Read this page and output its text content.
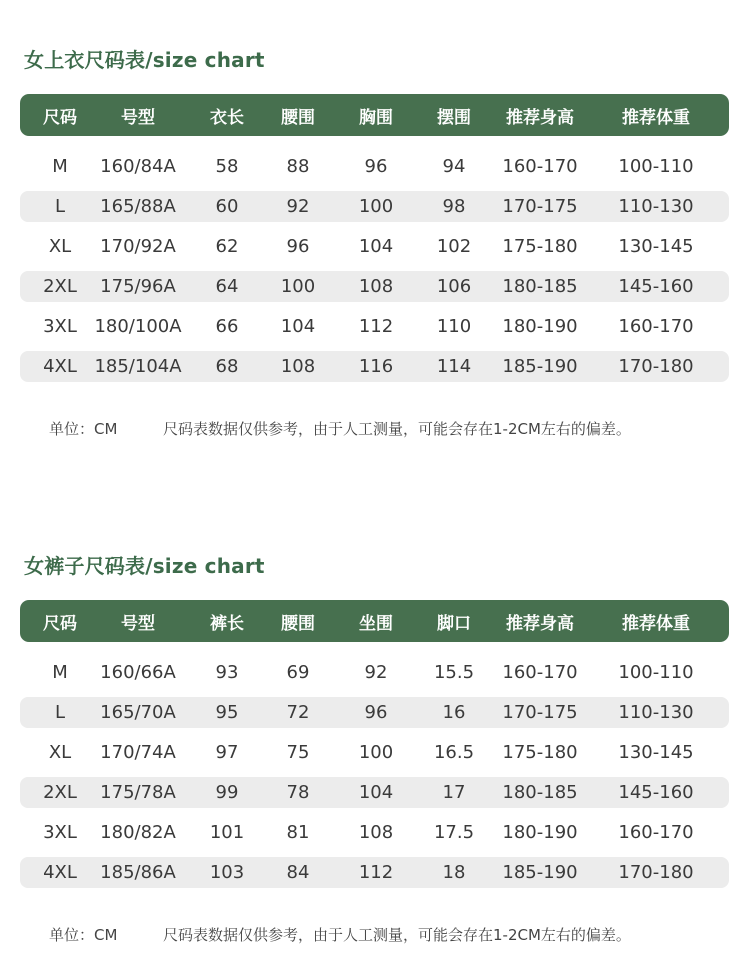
女上衣尺码表/size chart
尺码	号型	衣长 腰围	胸围	摆围 推荐身高	推荐体重
M 160/84A 58	88	96	94 160-170 100-110
L 165/88A 60	92	100	98 170-175 110-130
XL 170/92A 62	96	104 102 175-180 130-145
2XL 175/96A 64 100 108 106 180-185 145-160
3XL 180/100A 66 104 112 110 180-190 160-170
4XL 185/104A 68 108 116 114 185-190 170-180
单位：CM	尺码表数据仅供参考，由于人工测量，可能会存在1-2CM左右的偏差。
女裤子尺码表/size chart
尺码	号型	裤长 腰围	坐围	脚口 推荐身高	推荐体重
M 160/66A 93	69	92	15.5 160-170 100-110
L 165/70A 95	72	96	16 170-175 110-130
XL 170/74A 97	75	100 16.5 175-180 130-145
2XL 175/78A 99	78	104	17 180-185 145-160
3XL 180/82A 101 81	108 17.5 180-190 160-170
4XL 185/86A 103 84	112	18 185-190 170-180
单位：CM	尺码表数据仅供参考，由于人工测量，可能会存在1-2CM左右的偏差。
